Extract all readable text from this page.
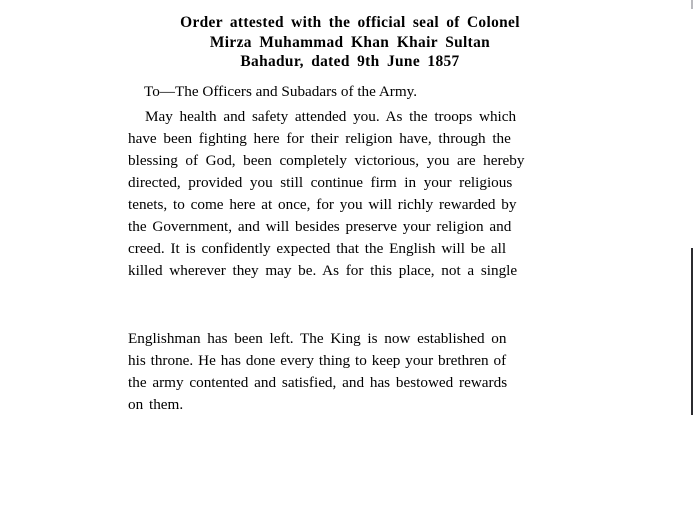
Order attested with the official seal of Colonel
Mirza Muhammad Khan Khair Sultan
Bahadur, dated 9th June 1857

To—The Officers and Subadars of the Army.

May health and safety attended you. As the troops which

have been fighting here for their religion have, through the

blessing of God, been completely victorious, you are hereby

directed, provided you still continue firm in your religious

tenets, to come here at once, for you will richly rewarded by

the Government, and will besides preserve your religion and

creed. It is confidently expected that the English will be all

killed wherever they may be. As for this place, not a single

Englishman has been left. The King is now established on

his throne. He has done every thing to keep your brethren of

the army contented and satisfied, and has bestowed rewards

on them.
